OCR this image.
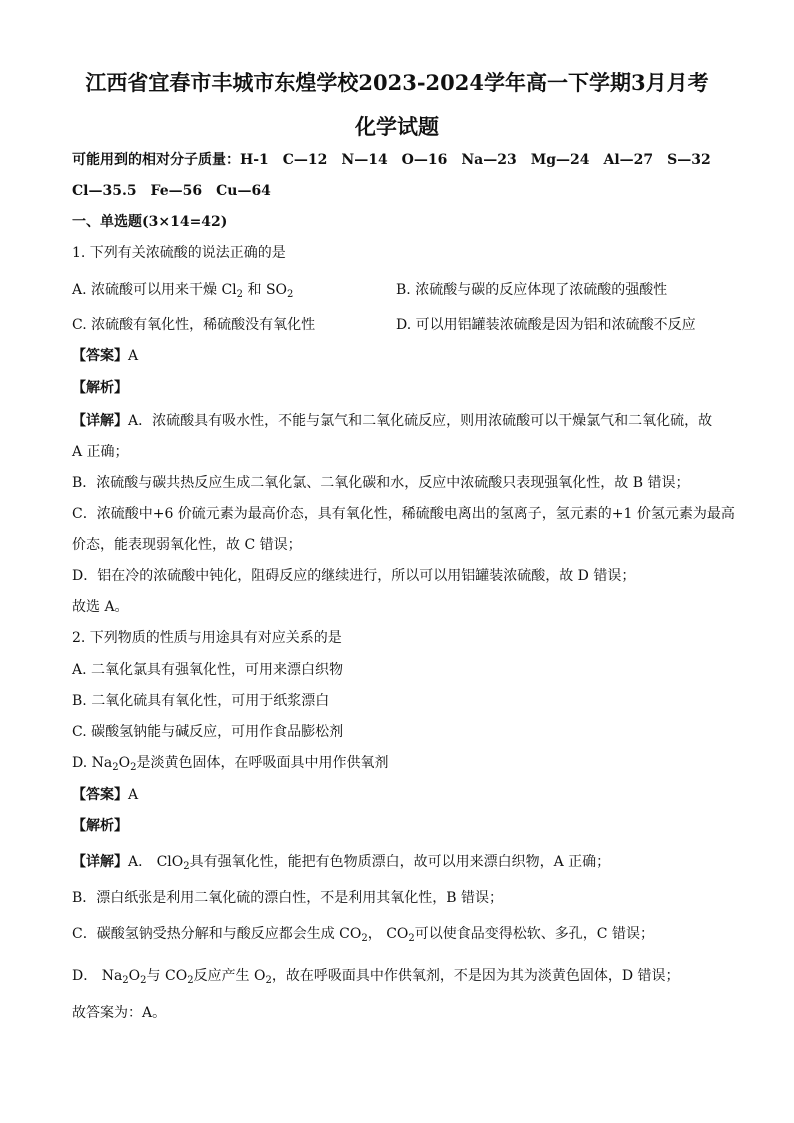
江西省宜春市丰城市东煌学校2023-2024学年高一下学期3月月考
化学试题
可能用到的相对分子质量：H-1　C—12　N—14　O—16　Na—23　Mg—24　Al—27　S—32
Cl—35.5　Fe—56　Cu—64
一、单选题(3×14=42)
1. 下列有关浓硫酸的说法正确的是
A. 浓硫酸可以用来干燥 $Cl_2$ 和 $SO_2$	B. 浓硫酸与碳的反应体现了浓硫酸的强酸性
C. 浓硫酸有氧化性，稀硫酸没有氧化性	D. 可以用铝罐装浓硫酸是因为铝和浓硫酸不反应
【答案】A
【解析】
【详解】A．浓硫酸具有吸水性，不能与氯气和二氧化硫反应，则用浓硫酸可以干燥氯气和二氧化硫，故
A 正确；
B．浓硫酸与碳共热反应生成二氧化氯、二氧化碳和水，反应中浓硫酸只表现强氧化性，故 B 错误；
C．浓硫酸中+6 价硫元素为最高价态，具有氧化性，稀硫酸电离出的氢离子，氢元素的+1 价氢元素为最高
价态，能表现弱氧化性，故 C 错误；
D．铝在冷的浓硫酸中钝化，阻碍反应的继续进行，所以可以用铝罐装浓硫酸，故 D 错误；
故选 A。
2. 下列物质的性质与用途具有对应关系的是
A. 二氧化氯具有强氧化性，可用来漂白织物
B. 二氧化硫具有氧化性，可用于纸浆漂白
C. 碳酸氢钠能与碱反应，可用作食品膨松剂
D. $Na_2O_2$是淡黄色固体，在呼吸面具中用作供氧剂
【答案】A
【解析】
【详解】A． ClO$_2$具有强氧化性，能把有色物质漂白，故可以用来漂白织物，A 正确；
B．漂白纸张是利用二氧化硫的漂白性，不是利用其氧化性，B 错误；
C．碳酸氢钠受热分解和与酸反应都会生成 $CO_2$， $CO_2$可以使食品变得松软、多孔，C 错误；
D． $Na_2O_2$与 $CO_2$反应产生 $O_2$，故在呼吸面具中作供氧剂，不是因为其为淡黄色固体，D 错误；
故答案为：A。
